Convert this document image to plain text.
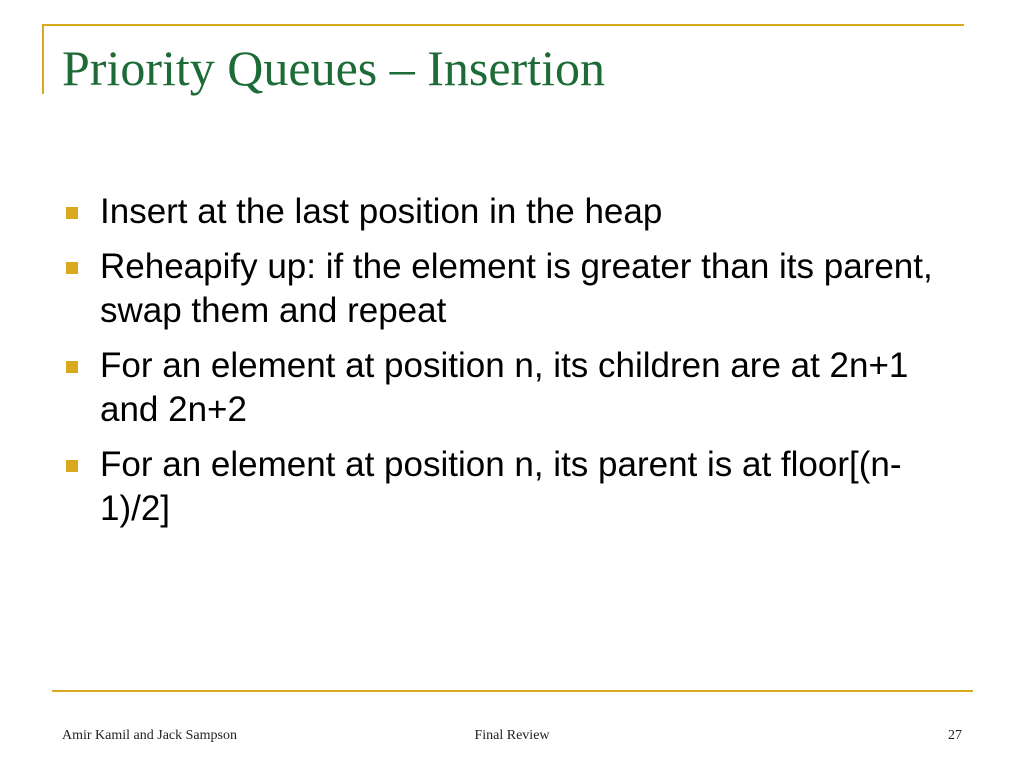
Priority Queues – Insertion
Insert at the last position in the heap
Reheapify up: if the element is greater than its parent, swap them and repeat
For an element at position n, its children are at 2n+1 and 2n+2
For an element at position n, its parent is at floor[(n-1)/2]
Amir Kamil and Jack Sampson	Final Review	27
